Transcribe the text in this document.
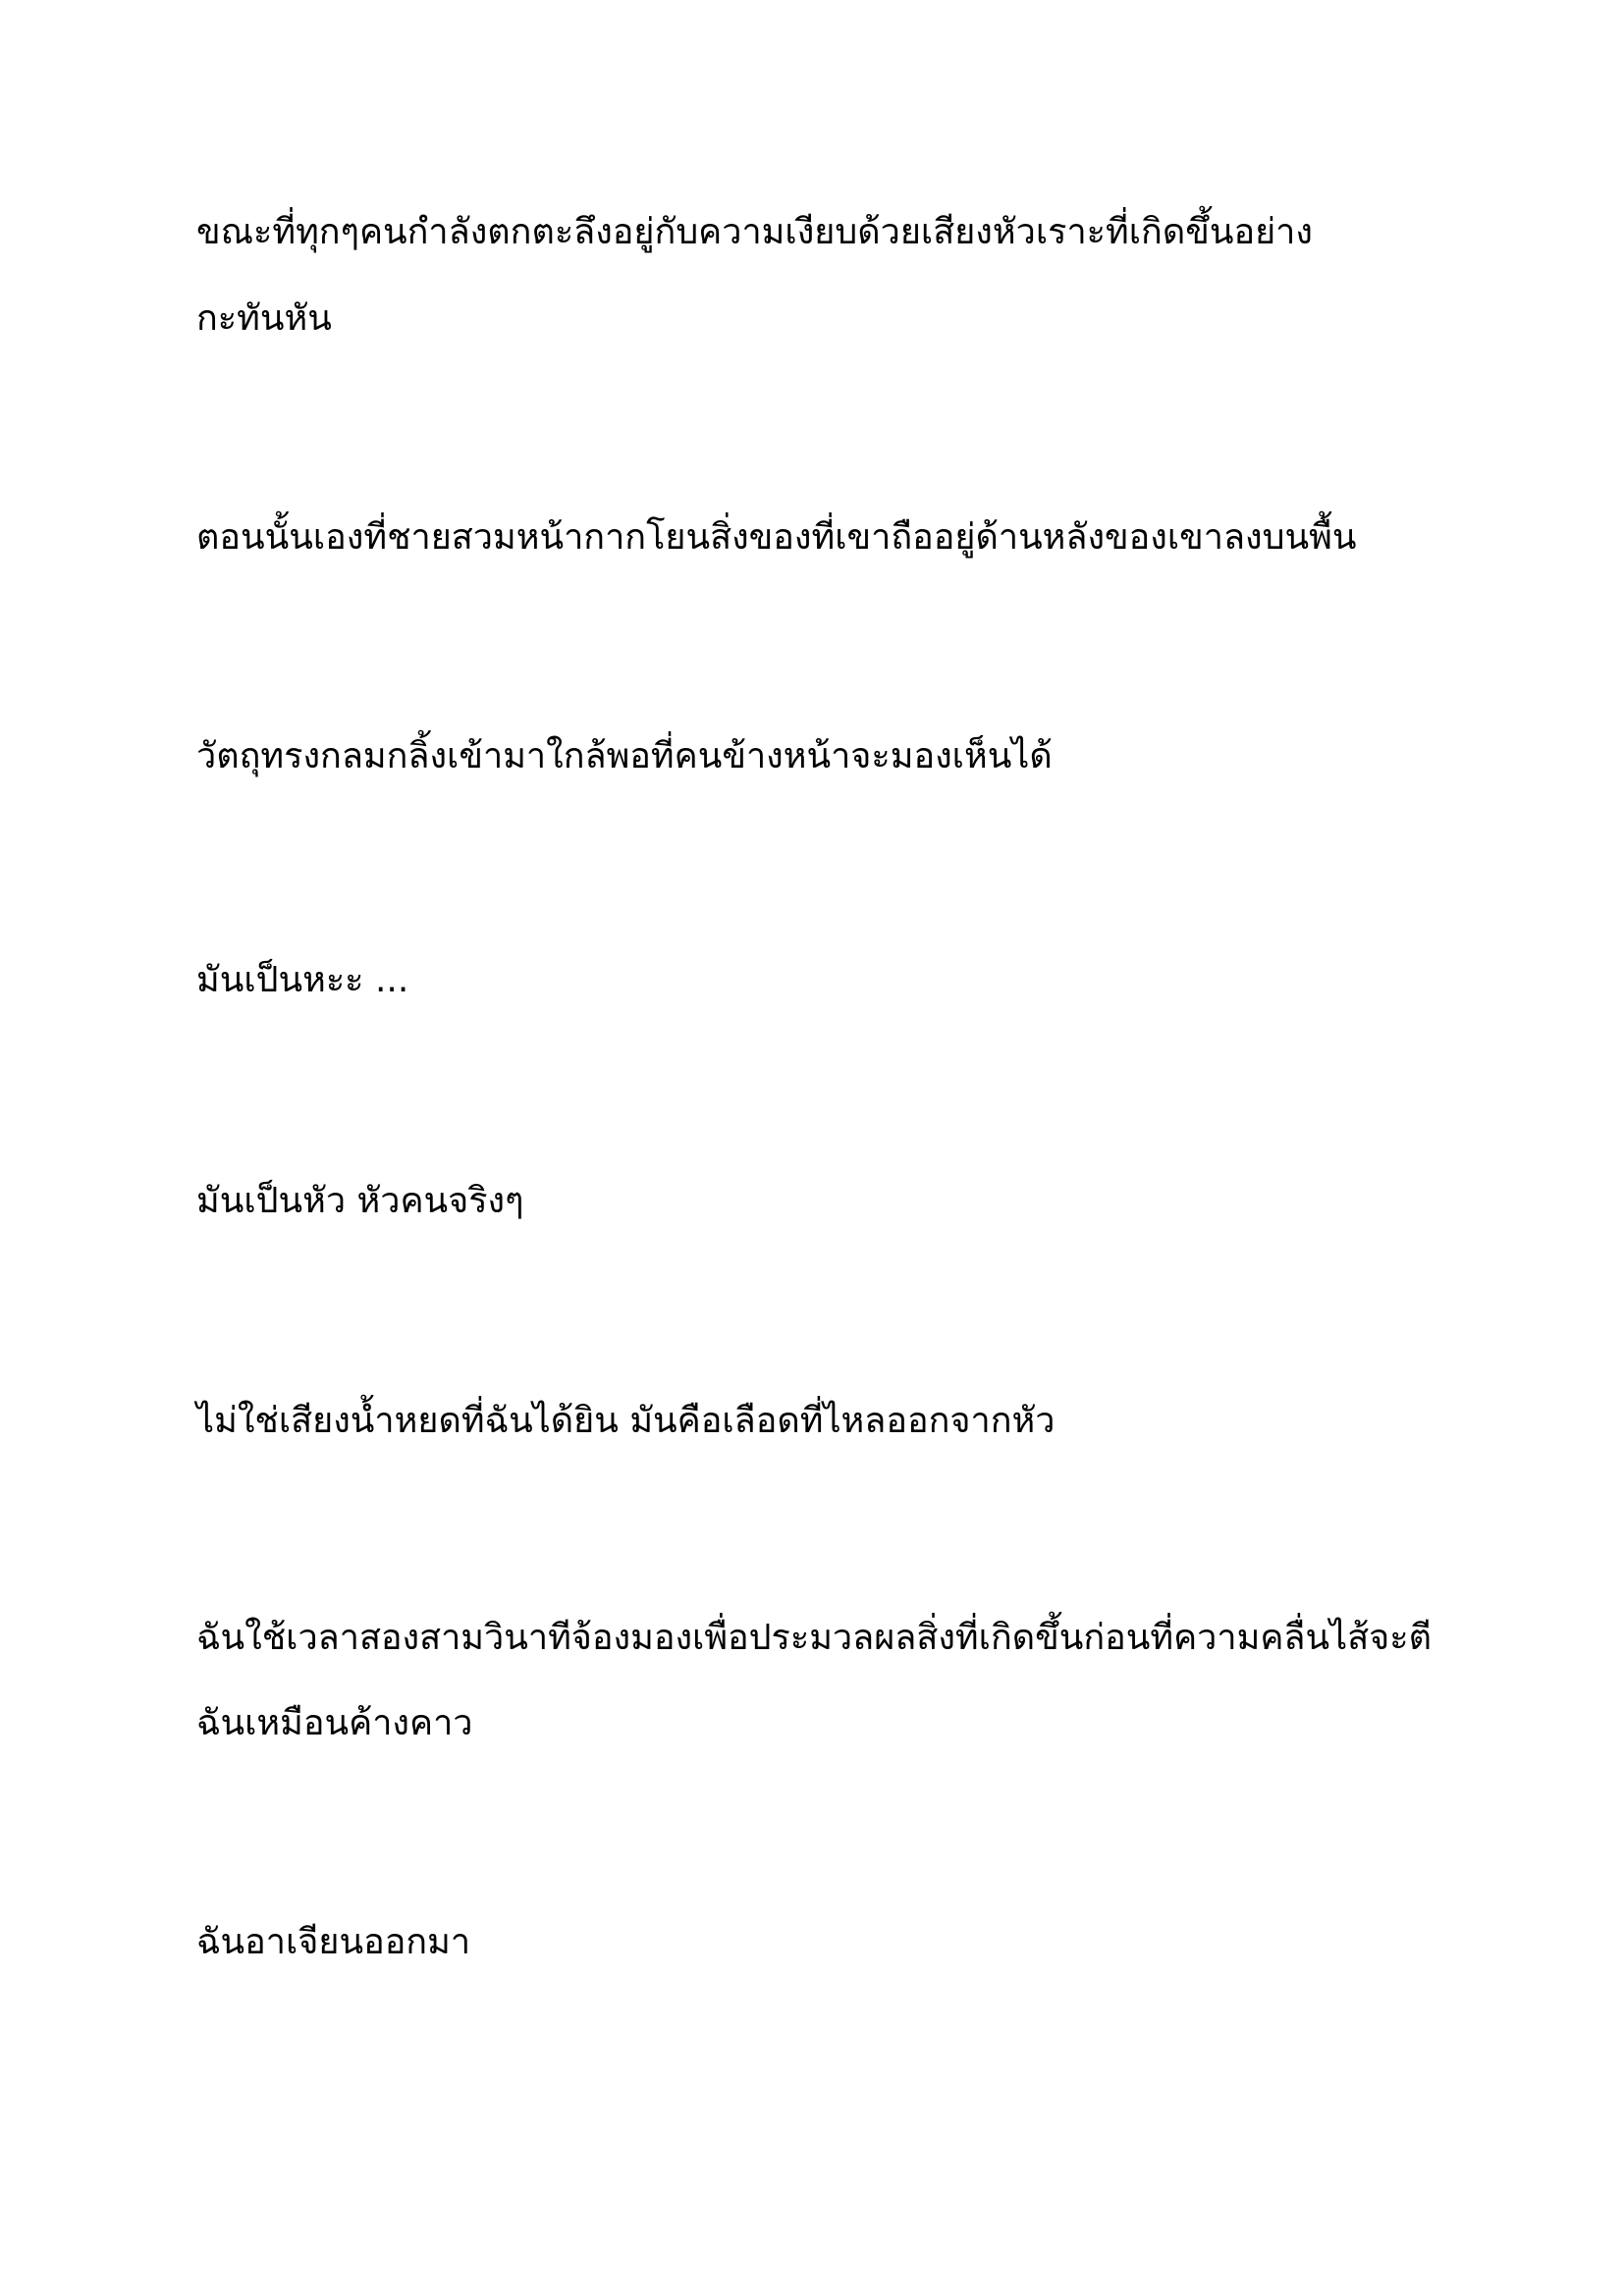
ขณะที่ทุกๆคนกำลังตกตะลึงอยู่กับความเงียบด้วยเสียงหัวเราะที่เกิดขึ้นอย่าง

กะทันหัน

ตอนนั้นเองที่ชายสวมหน้ากากโยนสิ่งของที่เขาถืออยู่ด้านหลังของเขาลงบนพื้น

วัตถุทรงกลมกลิ้งเข้ามาใกล้พอที่คนข้างหน้าจะมองเห็นได้

มันเป็นหะะ ...

มันเป็นหัว หัวคนจริงๆ

ไม่ใช่เสียงน้ำหยดที่ฉันได้ยิน มันคือเลือดที่ไหลออกจากหัว

ฉันใช้เวลาสองสามวินาทีจ้องมองเพื่อประมวลผลสิ่งที่เกิดขึ้นก่อนที่ความคลื่นไส้จะตี

ฉันเหมือนค้างคาว

ฉันอาเจียนออกมา
